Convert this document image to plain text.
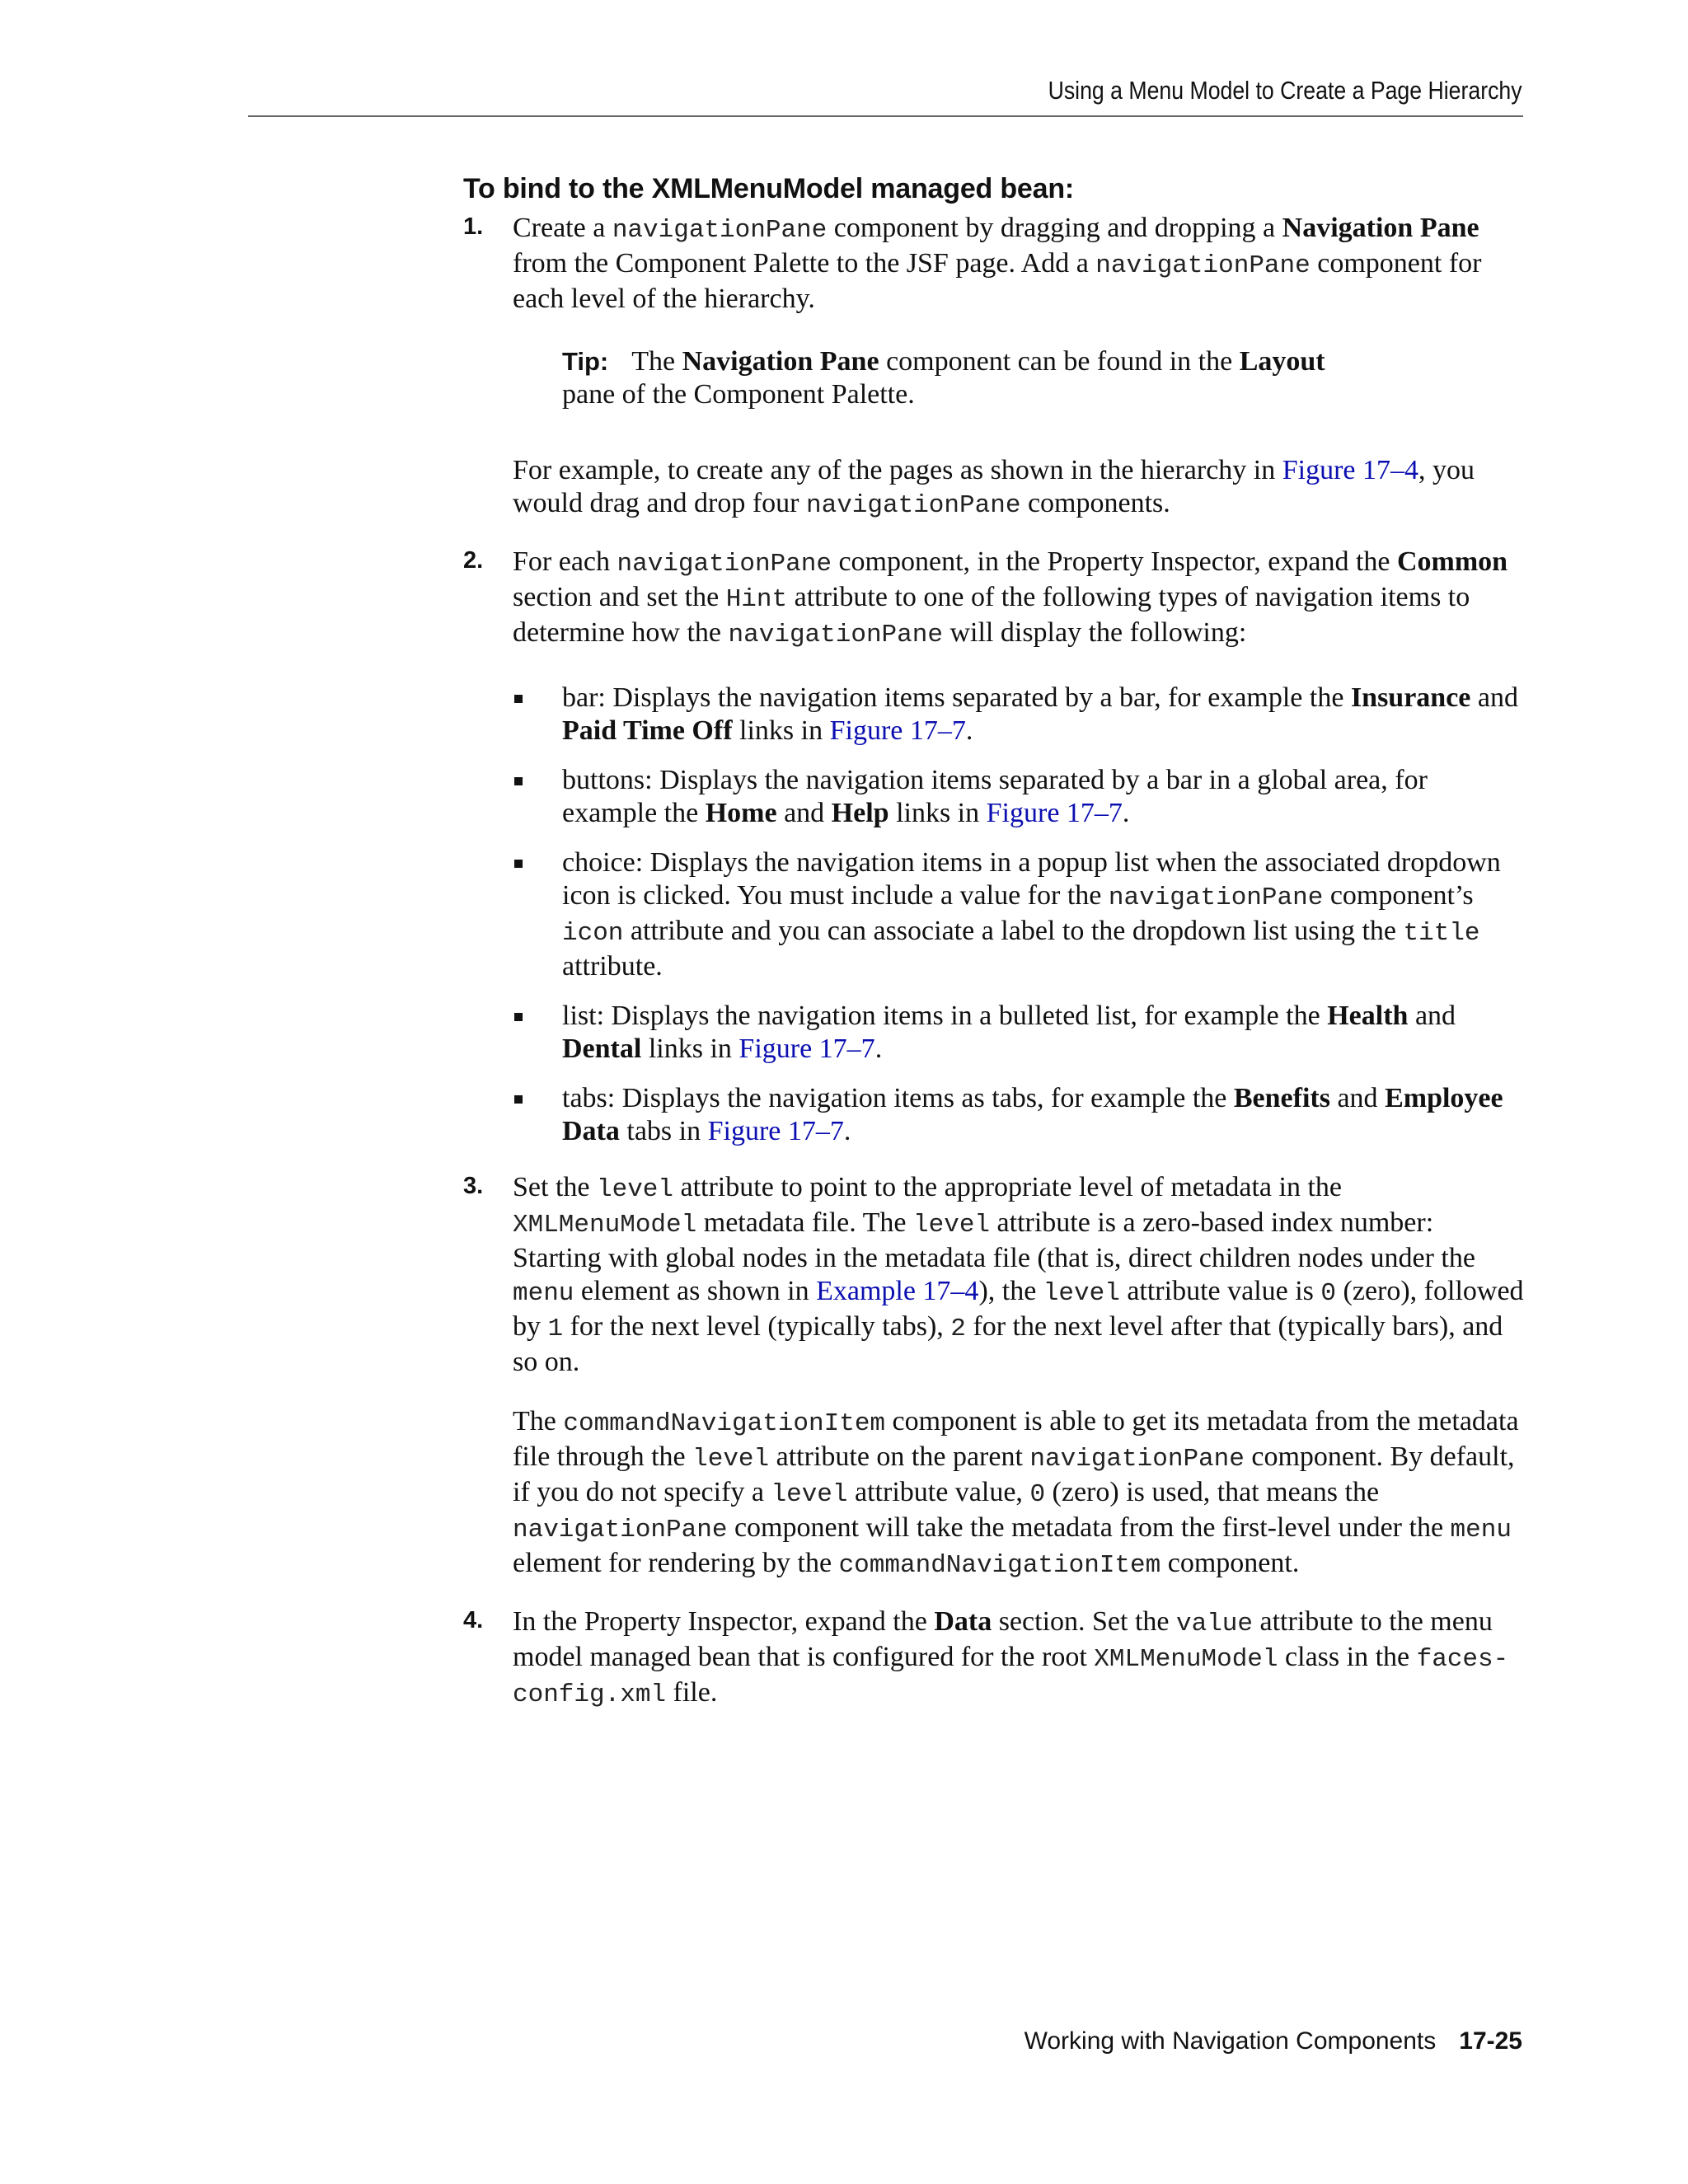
Using a Menu Model to Create a Page Hierarchy
To bind to the XMLMenuModel managed bean:
1. Create a navigationPane component by dragging and dropping a Navigation Pane from the Component Palette to the JSF page. Add a navigationPane component for each level of the hierarchy.

Tip: The Navigation Pane component can be found in the Layout
pane of the Component Palette.

For example, to create any of the pages as shown in the hierarchy in Figure 17–4, you would drag and drop four navigationPane components.

2. For each navigationPane component, in the Property Inspector, expand the Common section and set the Hint attribute to one of the following types of navigation items to determine how the navigationPane will display the following:

bar: Displays the navigation items separated by a bar, for example the Insurance and Paid Time Off links in Figure 17–7.
buttons: Displays the navigation items separated by a bar in a global area, for example the Home and Help links in Figure 17–7.
choice: Displays the navigation items in a popup list when the associated dropdown icon is clicked. You must include a value for the navigationPane component’s icon attribute and you can associate a label to the dropdown list using the title attribute.
list: Displays the navigation items in a bulleted list, for example the Health and Dental links in Figure 17–7.
tabs: Displays the navigation items as tabs, for example the Benefits and Employee Data tabs in Figure 17–7.
3. Set the level attribute to point to the appropriate level of metadata in the XMLMenuModel metadata file. The level attribute is a zero-based index number: Starting with global nodes in the metadata file (that is, direct children nodes under the menu element as shown in Example 17–4), the level attribute value is 0 (zero), followed by 1 for the next level (typically tabs), 2 for the next level after that (typically bars), and so on.

The commandNavigationItem component is able to get its metadata from the metadata file through the level attribute on the parent navigationPane component. By default, if you do not specify a level attribute value, 0 (zero) is used, that means the navigationPane component will take the metadata from the first-level under the menu element for rendering by the commandNavigationItem component.

4. In the Property Inspector, expand the Data section. Set the value attribute to the menu model managed bean that is configured for the root XMLMenuModel class in the faces-config.xml file.

Working with Navigation Components 17-25
